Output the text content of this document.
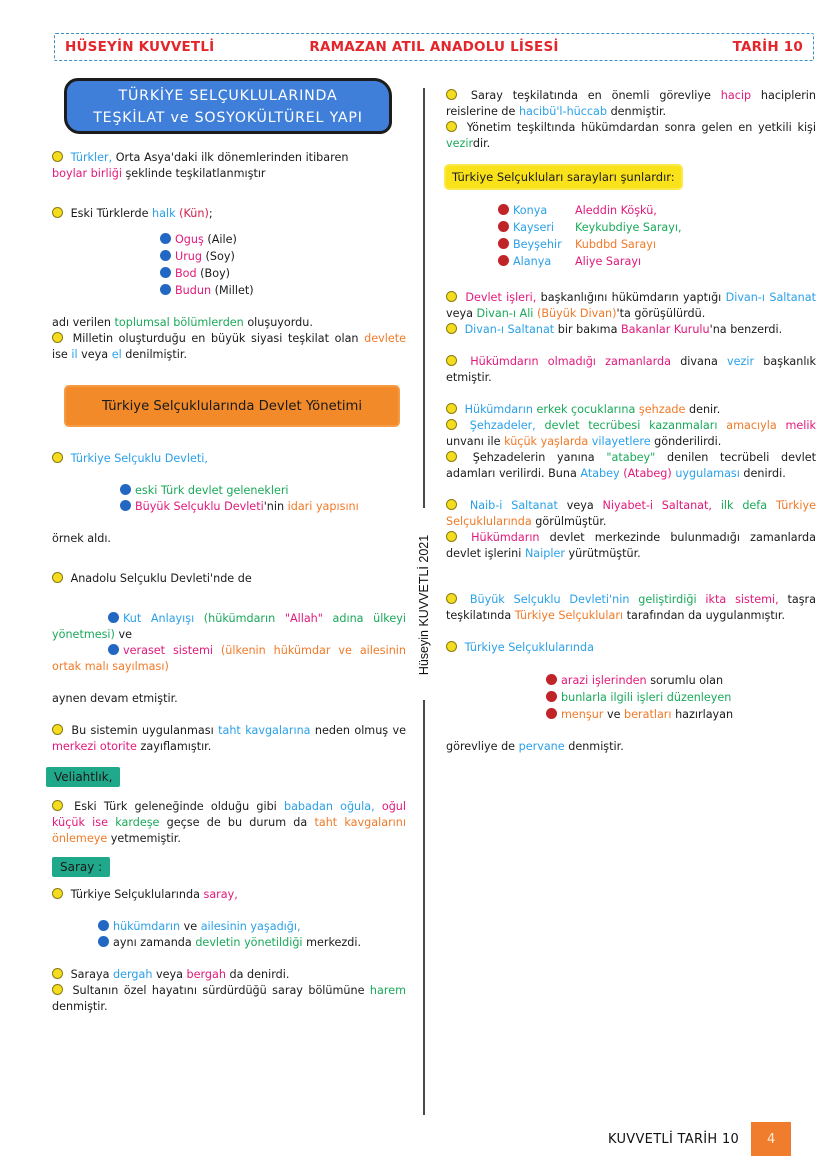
HÜSEYİN KUVVETLİ	RAMAZAN ATIL ANADOLU LİSESİ	TARİH 10
Hüseyin KUVVETLİ 2021
TÜRKİYE SELÇUKLULARINDA
TEŞKİLAT ve SOSYOKÜLTÜREL YAPI

Türkler, Orta Asya'daki ilk dönemlerinden itibaren
boylar birliği şeklinde teşkilatlanmıştır

Eski Türklerde halk (Kün);

Oguş (Aile)

Urug (Soy)

Bod (Boy)

Budun (Millet)

adı verilen toplumsal bölümlerden oluşuyordu.

Milletin oluşturduğu en büyük siyasi teşkilat olan devlete ise il veya el denilmiştir.

Türkiye Selçuklularında Devlet Yönetimi

Türkiye Selçuklu Devleti,

eski Türk devlet gelenekleri

Büyük Selçuklu Devleti'nin idari yapısını

örnek aldı.

Anadolu Selçuklu Devleti'nde de

Kut Anlayışı (hükümdarın "Allah" adına ülkeyi yönetmesi) ve

veraset sistemi (ülkenin hükümdar ve ailesinin ortak malı sayılması)

aynen devam etmiştir.

Bu sistemin uygulanması taht kavgalarına neden olmuş ve merkezi otorite zayıflamıştır.

Veliahtlık,

Eski Türk geleneğinde olduğu gibi babadan oğula, oğul küçük ise kardeşe geçse de bu durum da taht kavgalarını önlemeye yetmemiştir.

Saray :

Türkiye Selçuklularında saray,

hükümdarın ve ailesinin yaşadığı,

aynı zamanda devletin yönetildiği merkezdi.

Saraya dergah veya bergah da denirdi.

Sultanın özel hayatını sürdürdüğü saray bölümüne harem denmiştir.

Saray teşkilatında en önemli görevliye hacip haciplerin reislerine de hacibü'l-hüccab denmiştir.

Yönetim teşkiltında hükümdardan sonra gelen en yetkili kişi vezirdir.

Türkiye Selçukluları sarayları şunlardır:

Konya Aleddin Köşkü,

Kayseri Keykubdiye Sarayı,

Beyşehir Kubdbd Sarayı

Alanya Aliye Sarayı

Devlet işleri, başkanlığını hükümdarın yaptığı Divan-ı Saltanat veya Divan-ı Ali (Büyük Divan)'ta görüşülürdü.

Divan-ı Saltanat bir bakıma Bakanlar Kurulu'na benzerdi.

Hükümdarın olmadığı zamanlarda divana vezir başkanlık etmiştir.

Hükümdarın erkek çocuklarına şehzade denir.

Şehzadeler, devlet tecrübesi kazanmaları amacıyla melik unvanı ile küçük yaşlarda vilayetlere gönderilirdi.

Şehzadelerin yanına "atabey" denilen tecrübeli devlet adamları verilirdi. Buna Atabey (Atabeg) uygulaması denirdi.

Naib-i Saltanat veya Niyabet-i Saltanat, ilk defa Türkiye Selçuklularında görülmüştür.

Hükümdarın devlet merkezinde bulunmadığı zamanlarda devlet işlerini Naipler yürütmüştür.

Büyük Selçuklu Devleti'nin geliştirdiği ikta sistemi, taşra teşkilatında Türkiye Selçukluları tarafından da uygulanmıştır.

Türkiye Selçuklularında

arazi işlerinden sorumlu olan

bunlarla ilgili işleri düzenleyen

menşur ve beratları hazırlayan

görevliye de pervane denmiştir.

KUVVETLİ TARİH 10	4
